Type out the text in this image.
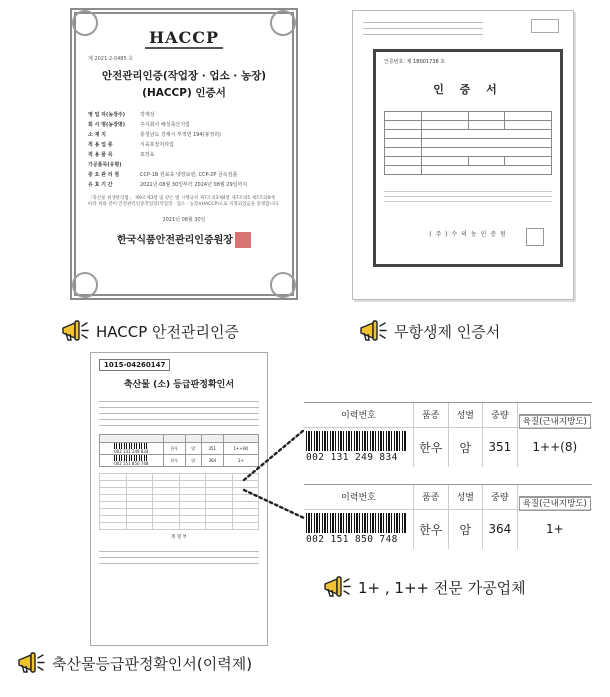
HACCP
제 2021-2-0485 호
안전관리인증(작업장 · 업소 · 농장)
(HACCP) 인증서
영 업 자(농장주)	작재성
회 사 명(농장명)	주식회사 해성축산기업
소 재 지	충청남도 강제시 부적면 194(봉정리)
적 용 업 종	식육포장처리업
적 용 품 목	포장육
가공품목(유형)
중 요 관 리 점	CCP-1B 원료육 냉장보관, CCP-2P 금속검출
유 효 기 간	2021년 08월 30일부터 2024년 08월 29일까지
「축산물 위생관리법」 제9조제3항 및 같은 법 시행규칙 제7조의3제4항 제7조의5 제7조의6에 따라 위와 같이 안전관리인증작업장(작업장 · 업소 · 농장)(HACCP)으로 지정되었음을 증명합니다.
2021년 08월 30일
한국식품안전관리인증원장
인증번호: 제 1B001738 호
인 증 서

( 주 ) 수 의 농 인 증 원
1015-04260147
축산물 (소) 등급판정확인서

002 131 249 834	한우	암	351	1++(8)

002 151 850 748	한우	암	364	1+

계 열 부
이력번호	품종	성별	중량	육질(근내지방도)

002 131 249 834	한우	암	351	1++(8)
이력번호	품종	성별	중량	육질(근내지방도)

002 151 850 748	한우	암	364	1+
HACCP 안전관리인증	무항생제 인증서
1+ , 1++ 전문 가공업체
축산물등급판정확인서(이력제)
